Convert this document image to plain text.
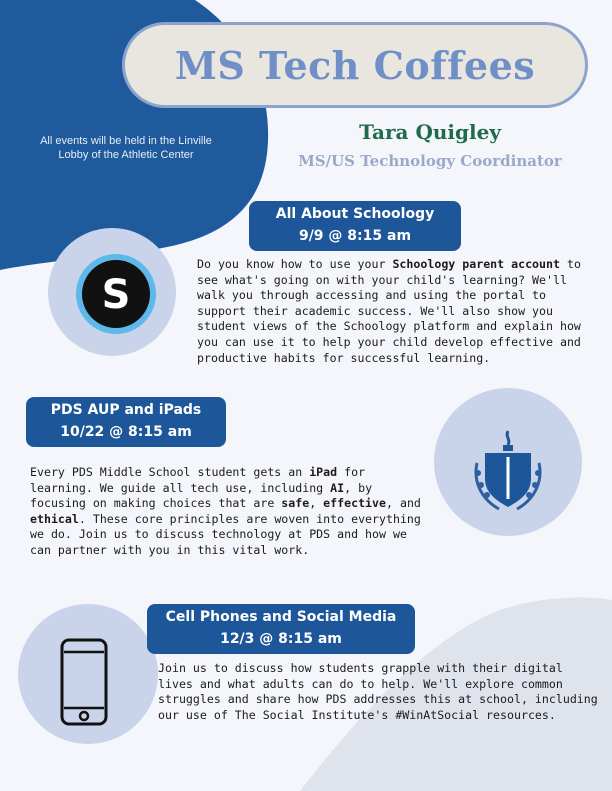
MS Tech Coffees
All events will be held in the Linville Lobby of the Athletic Center
Tara Quigley
MS/US Technology Coordinator
All About Schoology
9/9 @ 8:15 am
S
Do you know how to use your Schoology parent account to see what's going on with your child's learning? We'll walk you through accessing and using the portal to support their academic success. We'll also show you student views of the Schoology platform and explain how you can use it to help your child develop effective and productive habits for successful learning.
PDS AUP and iPads
10/22 @ 8:15 am
Every PDS Middle School student gets an iPad for learning. We guide all tech use, including AI, by focusing on making choices that are safe, effective, and ethical. These core principles are woven into everything we do. Join us to discuss technology at PDS and how we can partner with you in this vital work.
Cell Phones and Social Media
12/3 @ 8:15 am
Join us to discuss how students grapple with their digital lives and what adults can do to help. We'll explore common struggles and share how PDS addresses this at school, including our use of The Social Institute's #WinAtSocial resources.
